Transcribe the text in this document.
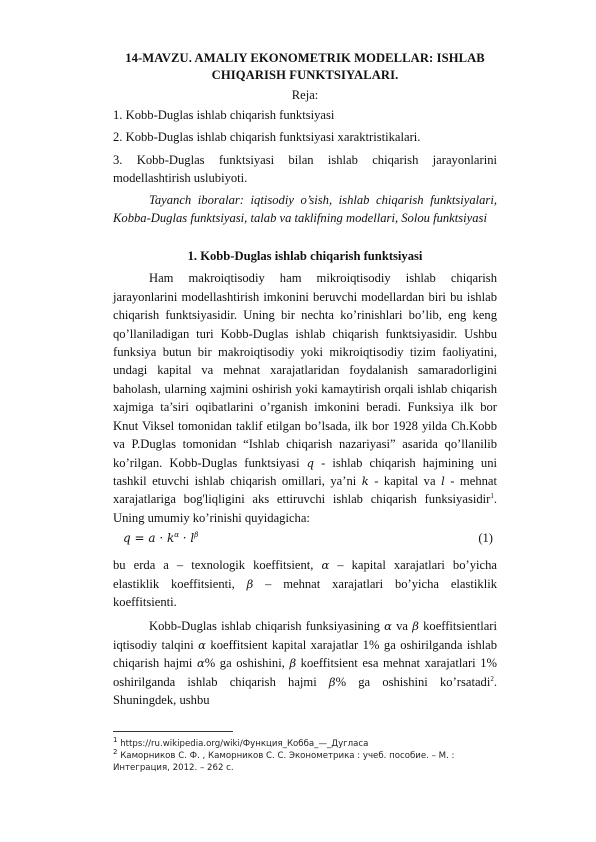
14-MAVZU. AMALIY EKONOMETRIK MODELLAR: ISHLAB CHIQARISH FUNKTSIYALARI.

Reja:
1. Kobb-Duglas ishlab chiqarish funktsiyasi
2. Kobb-Duglas ishlab chiqarish funktsiyasi xaraktristikalari.
3. Kobb-Duglas funktsiyasi bilan ishlab chiqarish jarayonlarini modellashtirish uslubiyoti.
Tayanch iboralar: iqtisodiy o’sish, ishlab chiqarish funktsiyalari, Kobba-Duglas funktsiyasi, talab va taklifning modellari, Solou funktsiyasi
1. Kobb-Duglas ishlab chiqarish funktsiyasi
Ham makroiqtisodiy ham mikroiqtisodiy ishlab chiqarish jarayonlarini modellashtirish imkonini beruvchi modellardan biri bu ishlab chiqarish funktsiyasidir. Uning bir nechta ko’rinishlari bo’lib, eng keng qo’llaniladigan turi Kobb-Duglas ishlab chiqarish funktsiyasidir. Ushbu funksiya butun bir makroiqtisodiy yoki mikroiqtisodiy tizim faoliyatini, undagi kapital va mehnat xarajatlaridan foydalanish samaradorligini baholash, ularning xajmini oshirish yoki kamaytirish orqali ishlab chiqarish xajmiga ta’siri oqibatlarini o’rganish imkonini beradi. Funksiya ilk bor Knut Viksel tomonidan taklif etilgan bo’lsada, ilk bor 1928 yilda Ch.Kobb va P.Duglas tomonidan “Ishlab chiqarish nazariyasi” asarida qo’llanilib ko’rilgan. Kobb-Duglas funktsiyasi q - ishlab chiqarish hajmining uni tashkil etuvchi ishlab chiqarish omillari, ya’ni k - kapital va l - mehnat xarajatlariga bog'liqligini aks ettiruvchi ishlab chiqarish funksiyasidir$^1$. Uning umumiy ko’rinishi quyidagicha:
$q = a \cdot k^\alpha \cdot l^\beta$	(1)
bu erda a – texnologik koeffitsient, α – kapital xarajatlari bo’yicha elastiklik koeffitsienti, β – mehnat xarajatlari bo’yicha elastiklik koeffitsienti.
Kobb-Duglas ishlab chiqarish funksiyasining α va β koeffitsientlari iqtisodiy talqini α koeffitsient kapital xarajatlar 1% ga oshirilganda ishlab chiqarish hajmi α% ga oshishini, β koeffitsient esa mehnat xarajatlari 1% oshirilganda ishlab chiqarish hajmi β% ga oshishini ko’rsatadi$^2$. Shuningdek, ushbu

$^1$ https://ru.wikipedia.org/wiki/Функция_Кобба_—_Дугласа

$^2$ Каморников С. Ф. , Каморников С. С. Эконометрика : учеб. пособие. – М. : Интеграция, 2012. – 262 с.
